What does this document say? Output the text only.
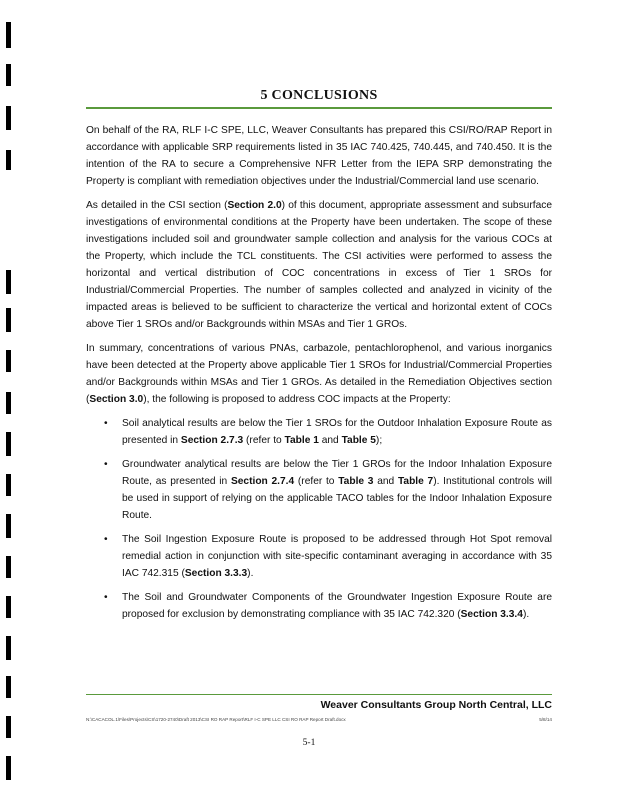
5 CONCLUSIONS

On behalf of the RA, RLF I-C SPE, LLC, Weaver Consultants has prepared this CSI/RO/RAP Report in accordance with applicable SRP requirements listed in 35 IAC 740.425, 740.445, and 740.450. It is the intention of the RA to secure a Comprehensive NFR Letter from the IEPA SRP demonstrating the Property is compliant with remediation objectives under the Industrial/Commercial land use scenario.

As detailed in the CSI section (Section 2.0) of this document, appropriate assessment and subsurface investigations of environmental conditions at the Property have been undertaken. The scope of these investigations included soil and groundwater sample collection and analysis for the various COCs at the Property, which include the TCL constituents. The CSI activities were performed to assess the horizontal and vertical distribution of COC concentrations in excess of Tier 1 SROs for Industrial/Commercial Properties. The number of samples collected and analyzed in vicinity of the impacted areas is believed to be sufficient to characterize the vertical and horizontal extent of COCs above Tier 1 SROs and/or Backgrounds within MSAs and Tier 1 GROs.

In summary, concentrations of various PNAs, carbazole, pentachlorophenol, and various inorganics have been detected at the Property above applicable Tier 1 SROs for Industrial/Commercial Properties and/or Backgrounds within MSAs and Tier 1 GROs. As detailed in the Remediation Objectives section (Section 3.0), the following is proposed to address COC impacts at the Property:

• Soil analytical results are below the Tier 1 SROs for the Outdoor Inhalation Exposure Route as presented in Section 2.7.3 (refer to Table 1 and Table 5);
• Groundwater analytical results are below the Tier 1 GROs for the Indoor Inhalation Exposure Route, as presented in Section 2.7.4 (refer to Table 3 and Table 7). Institutional controls will be used in support of relying on the applicable TACO tables for the Indoor Inhalation Exposure Route.
• The Soil Ingestion Exposure Route is proposed to be addressed through Hot Spot removal remedial action in conjunction with site-specific contaminant averaging in accordance with 35 IAC 742.315 (Section 3.3.3).
• The Soil and Groundwater Components of the Groundwater Ingestion Exposure Route are proposed for exclusion by demonstrating compliance with 35 IAC 742.320 (Section 3.3.4).
Weaver Consultants Group North Central, LLC
N:\CACACOL.1\Files\Projects\CS\1720-2740\Draft 2013\CSI RO RAP Report\RLF I-C SPE LLC CSI RO RAP Report Draft.docx	5/8/14
5-1
